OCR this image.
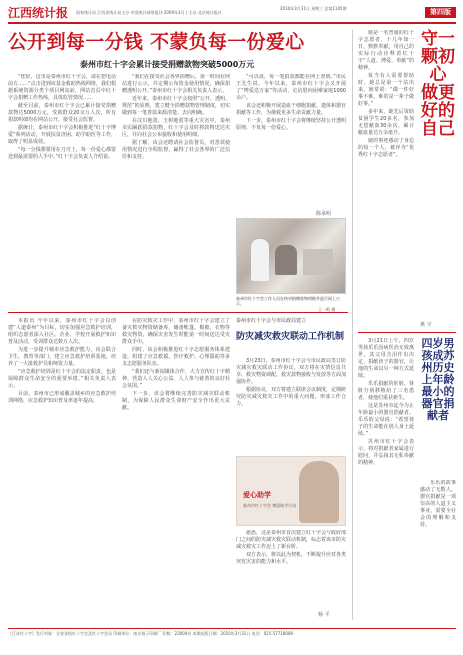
江西统计报 国家统计局 江西省统计局主办 中国统计网络报刊 2009年3月 | 主办 北京统计报社
2010年3月31日 星期三 总第1145期	第四版
公开到每一分钱 不蒙负每一份爱心
泰州市红十字会累计接受捐赠款物突破5000万元

“您好，这里是泰州市红十字会，请在您电话前方……”点击进到该基金救助热线网络，我们根据系统资源分类个项目网站前，网站首页中红十字会捐赠工作热线，具体监管情况……

截至目前，泰州市红十字会已累计接受捐赠款物达5000万元，受助群众20余万人次，所有捐款明细均在网站公开，接受社会监督。

据统计，泰州市红十字会积极推进“红十字博爱”系列活动，开展扶贫济困、助学助医等工作，取得了明显成效。

“每一分钱都要用在刀刃上，每一份爱心都要送到最需要的人手中。”红十字会负责人介绍说。

“我们在接受社会各界捐赠后，第一时间在网站进行公示，并定期公布资金使用情况，确保捐赠透明公开。”泰州市红十字会相关负责人表示。

近年来，泰州市红十字会按照“公开、透明、规范”的原则，建立健全捐赠款物管理制度，切实做到每一笔善款来源清楚、去向明确。

在汶川地震、玉树地震等重大灾害中，泰州市民踊跃捐款捐物，红十字会及时将款物送达灾区，并向社会公布接收和使用明细。

据了解，该会还聘请社会监督员，对善款使用情况进行全程监督，赢得了社会各界的广泛信任和支持。

“可以说，每一笔捐款都能在网上查到。”市民王先生说。今年以来，泰州市红十字会又开展了“博爱送万家”等活动，走访慰问困难家庭1000余户。

该会还积极开展造血干细胞捐献、遗体和器官捐献等工作，为挽救更多生命贡献力量。

下一步，泰州市红十字会将继续坚持公开透明原则，不负每一份爱心。

陈承明
泰州市红十字会工作人员在核对捐赠款物明细并进行网上公示。
王一鸣 摄

本报讯 今年以来，泰州市红十字会以创建“人道泰州”为目标，切实加强应急救护培训，组织志愿者深入社区、企业、学校开展救护知识普及活动，受训群众达数万人次。

为进一步提升城市应急救护能力，该会联合卫生、教育等部门，建立应急救护培训基地，培养了一大批救护员和师资力量。

“应急救护培训是红十字会的法定职责，也是保障群众生命安全的重要举措。”相关负责人表示。

目前，泰州市已形成覆盖城乡的应急救护培训网络，应急救护知识普及率逐年提高。

在防灾救灾工作中，泰州市红十字会建立了备灾救灾物资储备库，储备帐篷、棉被、衣物等救灾物资，确保灾害发生时能第一时间送达受灾群众手中。

同时，该会积极推进红十字志愿服务体系建设，组建了应急救援、医疗救护、心理援助等多支志愿服务队伍。

“我们还与新闻媒体合作，大力宣传红十字精神，营造人人关心公益、人人参与慈善的良好社会氛围。”

下一步，该会将继续完善防灾减灾联动机制，为保障人民群众生命财产安全作出更大贡献。

泰州市红十字会与市民政局建立
防灾减灾救灾联动工作机制

3月23日，泰州市红十字会与市民政局签订防灾减灾救灾联动工作协议，双方将在灾情信息共享、救灾物资调配、救灾款物接收与发放等方面加强协作。

根据协议，双方将建立联席会议制度，定期研究防灾减灾救灾工作中的重大问题，形成工作合力。

爱心助学
泰州市红十字会 博爱助学行动

据悉，这是泰州市首次建立红十字会与政府部门之间的防灾减灾救灾联动机制，标志着该市防灾减灾救灾工作迈上了新台阶。

双方表示，将以此为契机，不断提升应对各类突发灾害的能力和水平。

杨 平

她是一名普通的红十字志愿者，十几年如一日，默默奉献，用自己的实际行动诠释着红十字“人道、博爱、奉献”的精神。

每当有人需要帮助时，她总是第一个站出来。她常说：“做一件好事不难，难的是一辈子做好事。”

多年来，她先后资助贫困学生20多名，参加无偿献血30余次，累计献血量达万余毫升。

她的事迹感动了身边的每一个人，被评为“优秀红十字志愿者”。

守一颗初心 做更好的自己
燕 宇

3月21日上午，四岁男孩乐乐因病医治无效离世，其父母含泪作出决定，捐献孩子的器官，让他的生命以另一种方式延续。

乐乐捐献的肝脏、肾脏分别移植给了三名患者，使他们重获新生。

这是苏州市迄今为止年龄最小的器官捐献者。乐乐的父母说：“希望孩子的生命能在别人身上延续。”

苏州市红十字会表示，将对捐献者家属进行慰问，并弘扬其无私奉献的精神。

四岁男孩成苏州历史上年龄最小的器官捐献者

乐乐的故事感动了无数人。器官捐献是一项崇高的人道主义事业，需要全社会的理解和支持。

《江苏红十字》发行对象：全省各级红十字会及红十字会员 印刷单位：南京扬子印刷厂 印数：23000份 本期出版日期：2010年3月31日 电话：025-57718089
